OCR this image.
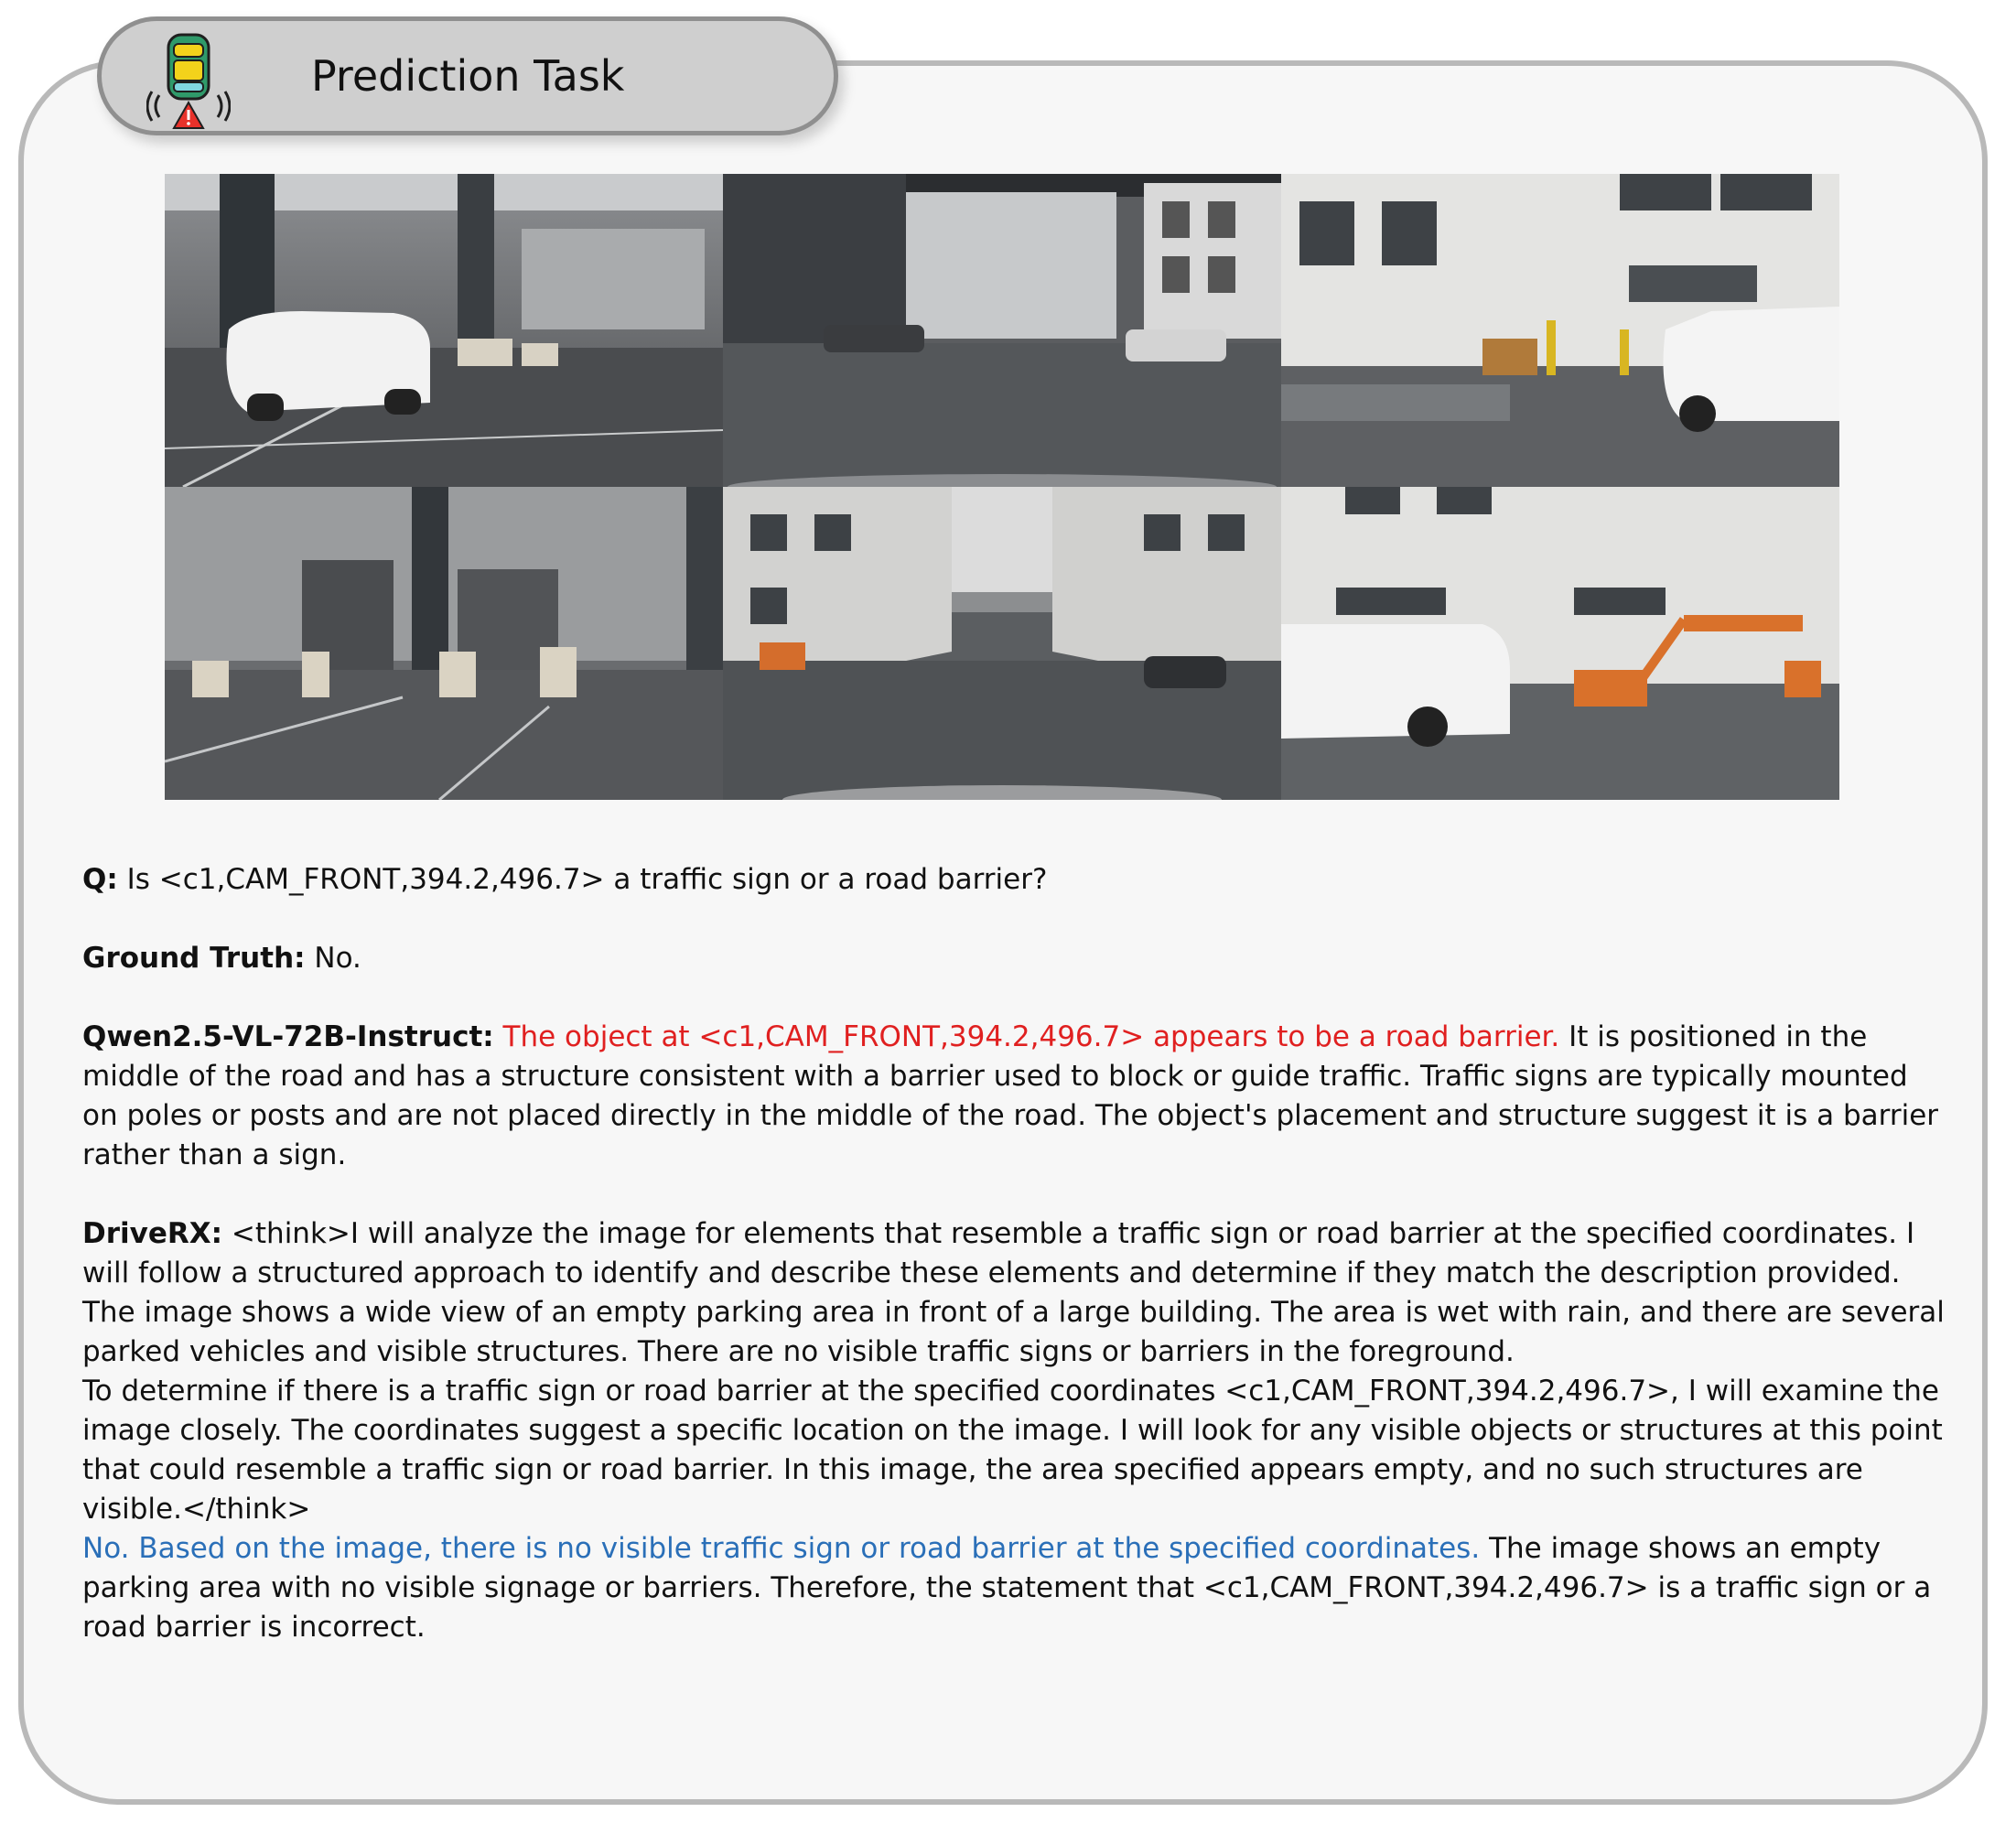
Prediction Task

Q: Is <c1,CAM_FRONT,394.2,496.7> a traffic sign or a road barrier?

Ground Truth: No.

Qwen2.5-VL-72B-Instruct: The object at <c1,CAM_FRONT,394.2,496.7> appears to be a road barrier. It is positioned in the middle of the road and has a structure consistent with a barrier used to block or guide traffic. Traffic signs are typically mounted on poles or posts and are not placed directly in the middle of the road. The object's placement and structure suggest it is a barrier rather than a sign.

DriveRX: <think>I will analyze the image for elements that resemble a traffic sign or road barrier at the specified coordinates. I will follow a structured approach to identify and describe these elements and determine if they match the description provided.

The image shows a wide view of an empty parking area in front of a large building. The area is wet with rain, and there are several parked vehicles and visible structures. There are no visible traffic signs or barriers in the foreground.

To determine if there is a traffic sign or road barrier at the specified coordinates <c1,CAM_FRONT,394.2,496.7>, I will examine the image closely. The coordinates suggest a specific location on the image. I will look for any visible objects or structures at this point that could resemble a traffic sign or road barrier. In this image, the area specified appears empty, and no such structures are visible.</think>

No. Based on the image, there is no visible traffic sign or road barrier at the specified coordinates. The image shows an empty parking area with no visible signage or barriers. Therefore, the statement that <c1,CAM_FRONT,394.2,496.7> is a traffic sign or a road barrier is incorrect.
